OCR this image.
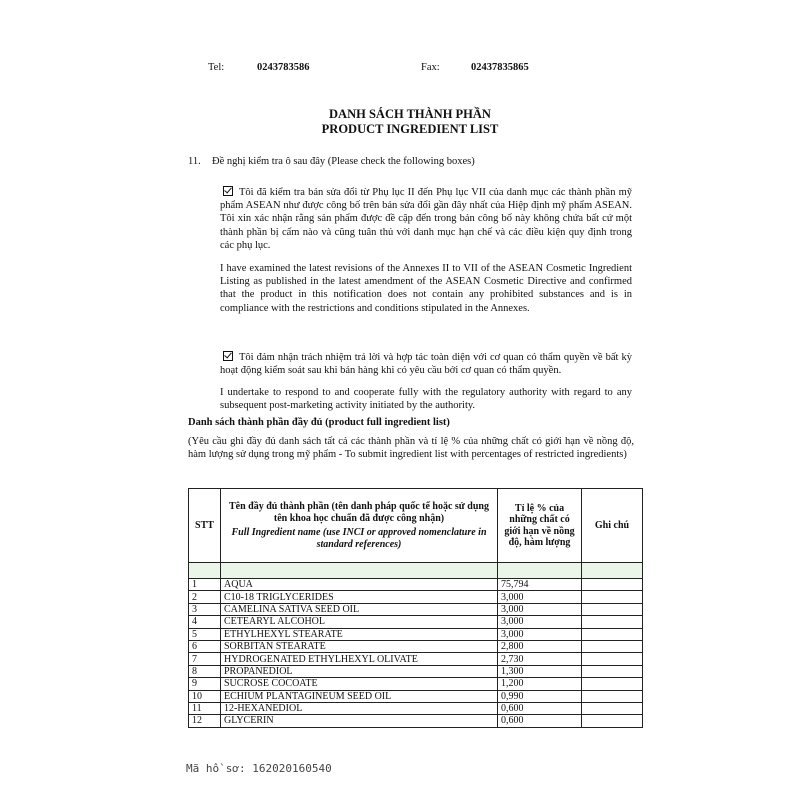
Tel:	0243783586	Fax:	02437835865
DANH SÁCH THÀNH PHẦN
PRODUCT INGREDIENT LIST
11. Đề nghị kiểm tra ô sau đây (Please check the following boxes)
Tôi đã kiểm tra bản sửa đổi từ Phụ lục II đến Phụ lục VII của danh mục các thành phần mỹ phẩm ASEAN như được công bố trên bản sửa đổi gần đây nhất của Hiệp định mỹ phẩm ASEAN. Tôi xin xác nhận rằng sản phẩm được đề cập đến trong bản công bố này không chứa bất cứ một thành phần bị cấm nào và cũng tuân thủ với danh mục hạn chế và các điều kiện quy định trong các phụ lục.
I have examined the latest revisions of the Annexes II to VII of the ASEAN Cosmetic Ingredient Listing as published in the latest amendment of the ASEAN Cosmetic Directive and confirmed that the product in this notification does not contain any prohibited substances and is in compliance with the restrictions and conditions stipulated in the Annexes.
Tôi đảm nhận trách nhiệm trả lời và hợp tác toàn diện với cơ quan có thẩm quyền về bất kỳ hoạt động kiểm soát sau khi bán hàng khi có yêu cầu bởi cơ quan có thẩm quyền.
I undertake to respond to and cooperate fully with the regulatory authority with regard to any subsequent post-marketing activity initiated by the authority.
Danh sách thành phần đầy đủ (product full ingredient list)
(Yêu cầu ghi đầy đủ danh sách tất cả các thành phần và tỉ lệ % của những chất có giới hạn về nồng độ, hàm lượng sử dụng trong mỹ phẩm - To submit ingredient list with percentages of restricted ingredients)
STT	Tên đầy đủ thành phần (tên danh pháp quốc tế hoặc sử dụng tên khoa học chuẩn đã được công nhận)
Full Ingredient name (use INCI or approved nomenclature in standard references)	Tỉ lệ % của những chất có giới hạn về nồng độ, hàm lượng	Ghi chú

1	AQUA	75,794	
2	C10-18 TRIGLYCERIDES	3,000	
3	CAMELINA SATIVA SEED OIL	3,000	
4	CETEARYL ALCOHOL	3,000	
5	ETHYLHEXYL STEARATE	3,000	
6	SORBITAN STEARATE	2,800	
7	HYDROGENATED ETHYLHEXYL OLIVATE	2,730	
8	PROPANEDIOL	1,300	
9	SUCROSE COCOATE	1,200	
10	ECHIUM PLANTAGINEUM SEED OIL	0,990	
11	12-HEXANEDIOL	0,600	
12	GLYCERIN	0,600	
Mã hồ sơ: 162020160540
